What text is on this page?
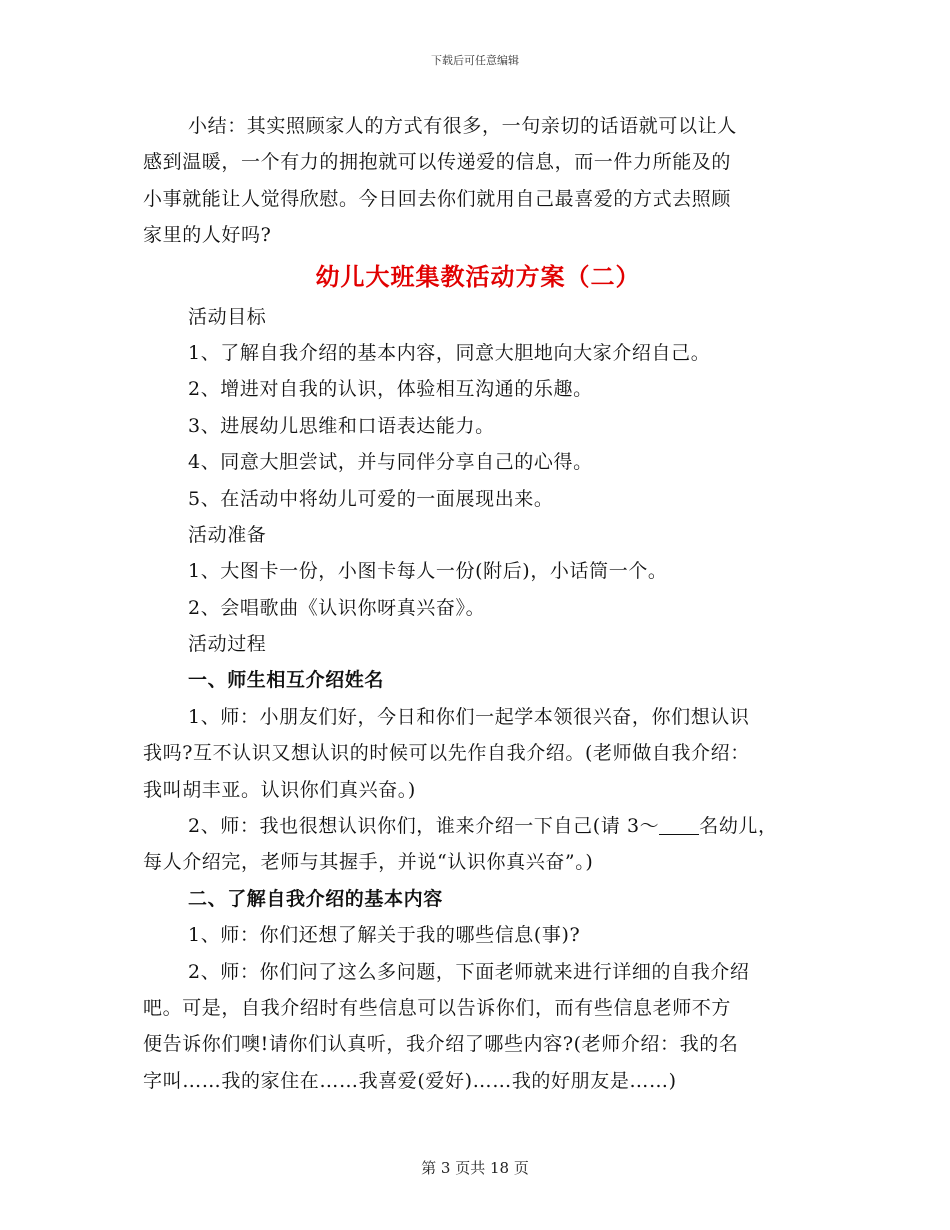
下载后可任意编辑
小结：其实照顾家人的方式有很多，一句亲切的话语就可以让人
感到温暖，一个有力的拥抱就可以传递爱的信息，而一件力所能及的
小事就能让人觉得欣慰。今日回去你们就用自己最喜爱的方式去照顾
家里的人好吗?
幼儿大班集教活动方案（二）
活动目标
1、了解自我介绍的基本内容，同意大胆地向大家介绍自己。
2、增进对自我的认识，体验相互沟通的乐趣。
3、进展幼儿思维和口语表达能力。
4、同意大胆尝试，并与同伴分享自己的心得。
5、在活动中将幼儿可爱的一面展现出来。
活动准备
1、大图卡一份，小图卡每人一份(附后)，小话筒一个。
2、会唱歌曲《认识你呀真兴奋》。
活动过程
一、师生相互介绍姓名
1、师：小朋友们好，今日和你们一起学本领很兴奋，你们想认识
我吗?互不认识又想认识的时候可以先作自我介绍。(老师做自我介绍：
我叫胡丰亚。认识你们真兴奋。)
2、师：我也很想认识你们，谁来介绍一下自己(请 3～ 名幼儿，
每人介绍完，老师与其握手，并说“认识你真兴奋”。)
二、了解自我介绍的基本内容
1、师：你们还想了解关于我的哪些信息(事)?
2、师：你们问了这么多问题，下面老师就来进行详细的自我介绍
吧。可是，自我介绍时有些信息可以告诉你们，而有些信息老师不方
便告诉你们噢!请你们认真听，我介绍了哪些内容?(老师介绍：我的名
字叫……我的家住在……我喜爱(爱好)……我的好朋友是……)
第 3 页共 18 页
